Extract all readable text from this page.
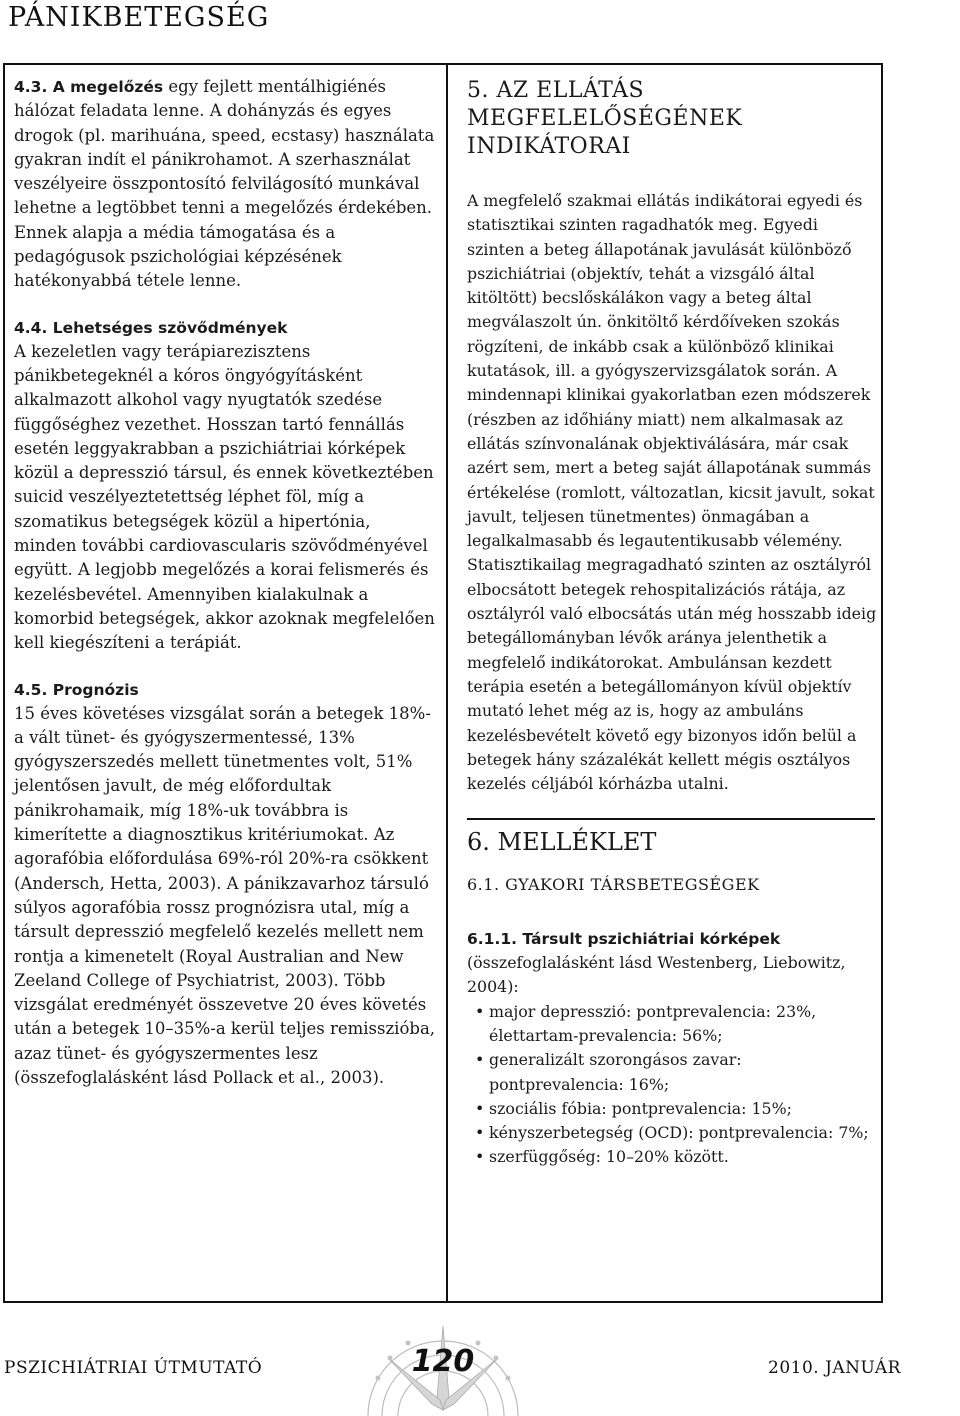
PÁNIKBETEGSÉG

4.3. A megelőzés egy fejlett mentálhigiénés hálózat feladata lenne. A dohányzás és egyes drogok (pl. marihuána, speed, ecstasy) használata gyakran indít el pánikrohamot. A szerhasználat veszélyeire összpontosító felvilágosító munkával lehetne a legtöbbet tenni a megelőzés érdekében. Ennek alapja a média támogatása és a pedagógusok pszichológiai képzésének hatékonyabbá tétele lenne.

4.4. Lehetséges szövődmények

A kezeletlen vagy terápiarezisztens pánikbetegeknél a kóros öngyógyításként alkalmazott alkohol vagy nyugtatók szedése függőséghez vezethet. Hosszan tartó fennállás esetén leggyakrabban a pszichiátriai kórképek közül a depresszió társul, és ennek következtében suicid veszélyeztetettség léphet föl, míg a szomatikus betegségek közül a hipertónia, minden további cardiovascularis szövődményével együtt. A legjobb megelőzés a korai felismerés és kezelésbevétel. Amennyiben kialakulnak a komorbid betegségek, akkor azoknak megfelelően kell kiegészíteni a terápiát.

4.5. Prognózis

15 éves követéses vizsgálat során a betegek 18%-a vált tünet- és gyógyszermentessé, 13% gyógyszerszedés mellett tünetmentes volt, 51% jelentősen javult, de még előfordultak pánikrohamaik, míg 18%-uk továbbra is kimerítette a diagnosztikus kritériumokat. Az agorafóbia előfordulása 69%-ról 20%-ra csökkent (Andersch, Hetta, 2003). A pánikzavarhoz társuló súlyos agorafóbia rossz prognózisra utal, míg a társult depresszió megfelelő kezelés mellett nem rontja a kimenetelt (Royal Australian and New Zeeland College of Psychiatrist, 2003). Több vizsgálat eredményét összevetve 20 éves követés után a betegek 10–35%-a kerül teljes remisszióba, azaz tünet- és gyógyszermentes lesz (összefoglalásként lásd Pollack et al., 2003).

5. AZ ELLÁTÁS
MEGFELELŐSÉGÉNEK INDIKÁTORAI

A megfelelő szakmai ellátás indikátorai egyedi és statisztikai szinten ragadhatók meg. Egyedi szinten a beteg állapotának javulását különböző pszichiátriai (objektív, tehát a vizsgáló által kitöltött) becslőskálákon vagy a beteg által megválaszolt ún. önkitöltő kérdőíveken szokás rögzíteni, de inkább csak a különböző klinikai kutatások, ill. a gyógyszervizsgálatok során. A mindennapi klinikai gyakorlatban ezen módszerek (részben az időhiány miatt) nem alkalmasak az ellátás színvonalának objektiválására, már csak azért sem, mert a beteg saját állapotának summás értékelése (romlott, változatlan, kicsit javult, sokat javult, teljesen tünetmentes) önmagában a legalkalmasabb és legautentikusabb vélemény. Statisztikailag megragadható szinten az osztályról elbocsátott betegek rehospitalizációs rátája, az osztályról való elbocsátás után még hosszabb ideig betegállományban lévők aránya jelenthetik a megfelelő indikátorokat. Ambulánsan kezdett terápia esetén a betegállományon kívül objektív mutató lehet még az is, hogy az ambuláns kezelésbevételt követő egy bizonyos időn belül a betegek hány százalékát kellett mégis osztályos kezelés céljából kórházba utalni.

6. MELLÉKLET
6.1. GYAKORI TÁRSBETEGSÉGEK

6.1.1. Társult pszichiátriai kórképek

(összefoglalásként lásd Westenberg, Liebowitz, 2004):

• major depresszió: pontprevalencia: 23%, élettartam-prevalencia: 56%;
• generalizált szorongásos zavar: pontprevalencia: 16%;
• szociális fóbia: pontprevalencia: 15%;
• kényszerbetegség (OCD): pontprevalencia: 7%;
• szerfüggőség: 10–20% között.
PSZICHIÁTRIAI ÚTMUTATÓ	120	2010. JANUÁR
